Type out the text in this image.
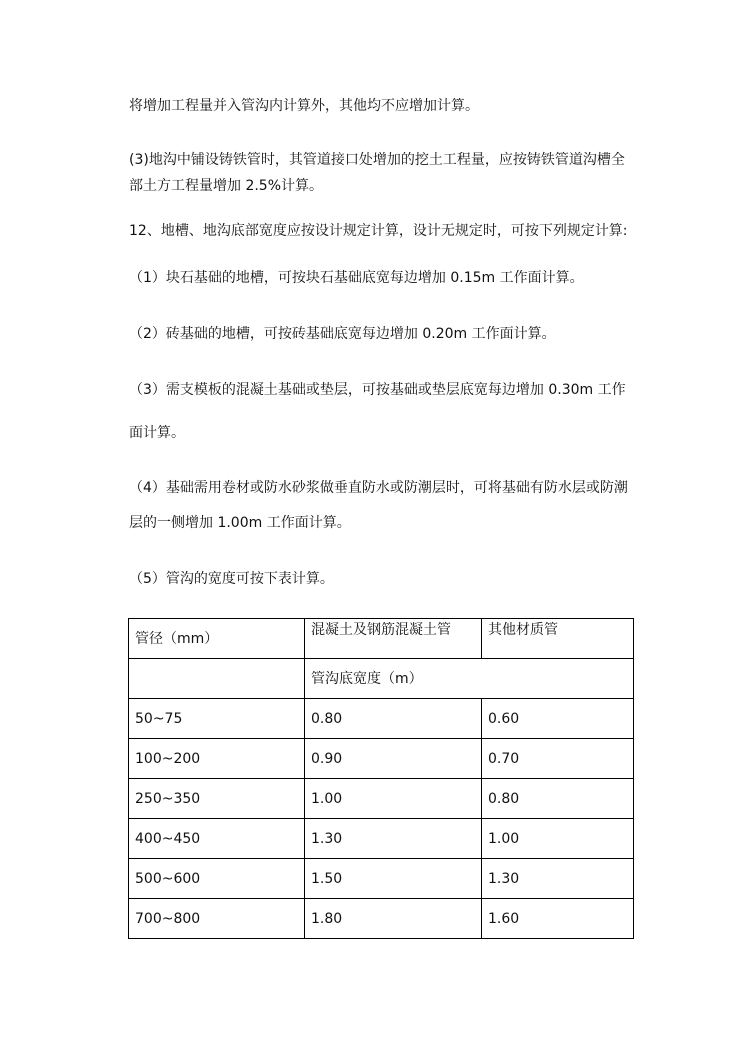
将增加工程量并入管沟内计算外，其他均不应增加计算。
(3)地沟中铺设铸铁管时，其管道接口处增加的挖土工程量，应按铸铁管道沟槽全
部土方工程量增加 2.5%计算。
12、地槽、地沟底部宽度应按设计规定计算，设计无规定时，可按下列规定计算:
（1）块石基础的地槽，可按块石基础底宽每边增加 0.15m 工作面计算。
（2）砖基础的地槽，可按砖基础底宽每边增加 0.20m 工作面计算。
（3）需支模板的混凝土基础或垫层，可按基础或垫层底宽每边增加 0.30m 工作
面计算。
（4）基础需用卷材或防水砂浆做垂直防水或防潮层时，可将基础有防水层或防潮
层的一侧增加 1.00m 工作面计算。
（5）管沟的宽度可按下表计算。
管径（mm）	混凝土及钢筋混凝土管	其他材质管
	管沟底宽度（m）	
50~75	0.80	0.60
100~200	0.90	0.70
250~350	1.00	0.80
400~450	1.30	1.00
500~600	1.50	1.30
700~800	1.80	1.60
